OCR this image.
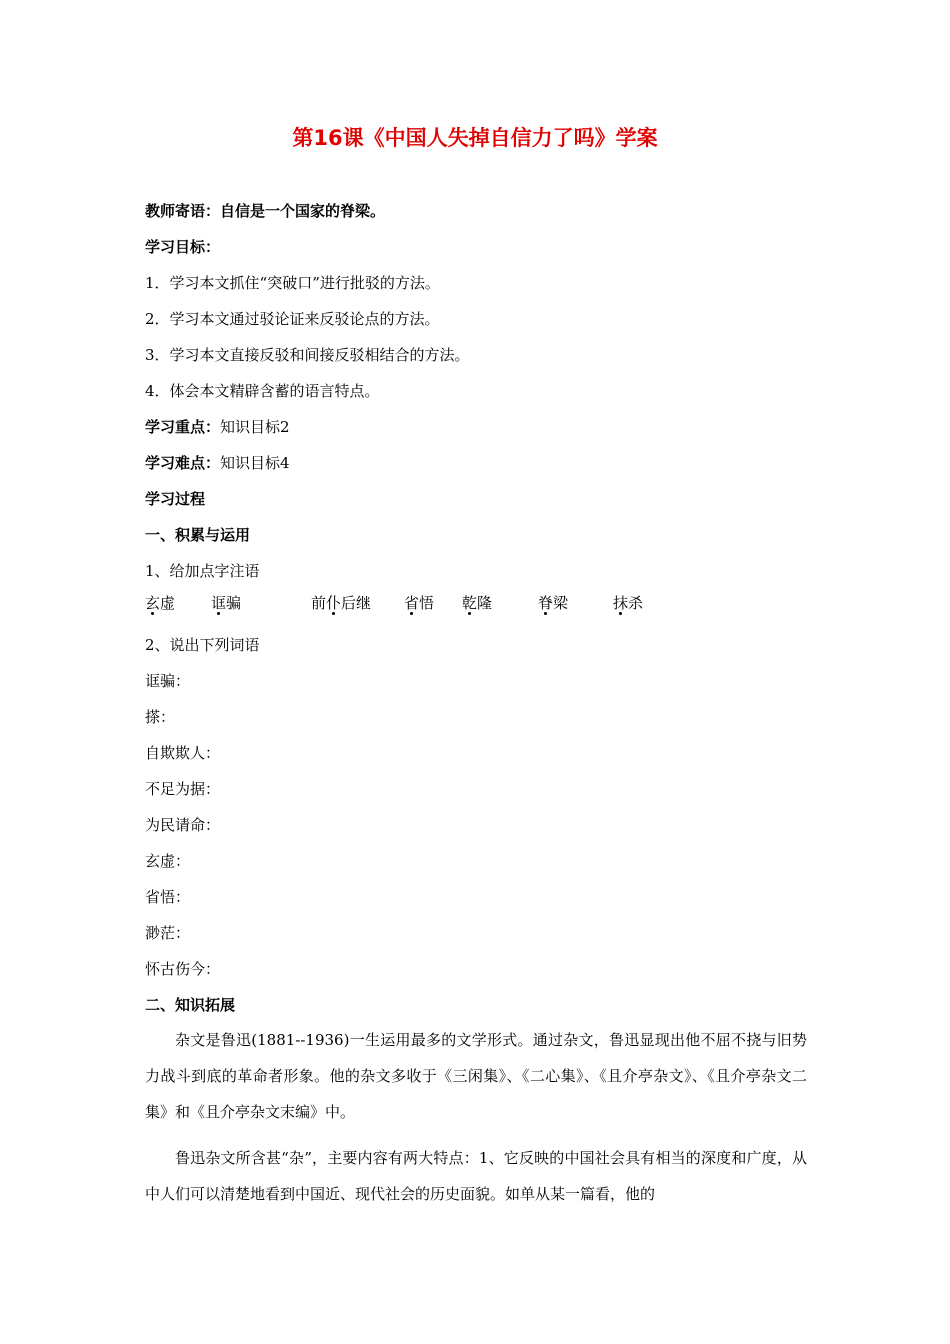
第16课《中国人失掉自信力了吗》学案
教师寄语：自信是一个国家的脊梁。
学习目标：
1．学习本文抓住“突破口”进行批驳的方法。
2．学习本文通过驳论证来反驳论点的方法。
3．学习本文直接反驳和间接反驳相结合的方法。
4．体会本文精辟含蓄的语言特点。
学习重点：知识目标2
学习难点：知识目标4
学习过程
一、积累与运用
1、给加点字注语
玄虚 诓骗	前仆后继 省悟 乾隆	脊梁	抹杀
2、说出下列词语
诓骗：
搽：
自欺欺人：
不足为据：
为民请命：
玄虚：
省悟：
渺茫：
怀古伤今：
二、知识拓展
杂文是鲁迅(1881--1936)一生运用最多的文学形式。通过杂文，鲁迅显现出他不屈不挠与旧势力战斗到底的革命者形象。他的杂文多收于《三闲集》、《二心集》、《且介亭杂文》、《且介亭杂文二集》和《且介亭杂文末编》中。
鲁迅杂文所含甚“杂”，主要内容有两大特点：1、它反映的中国社会具有相当的深度和广度，从中人们可以清楚地看到中国近、现代社会的历史面貌。如单从某一篇看，他的
